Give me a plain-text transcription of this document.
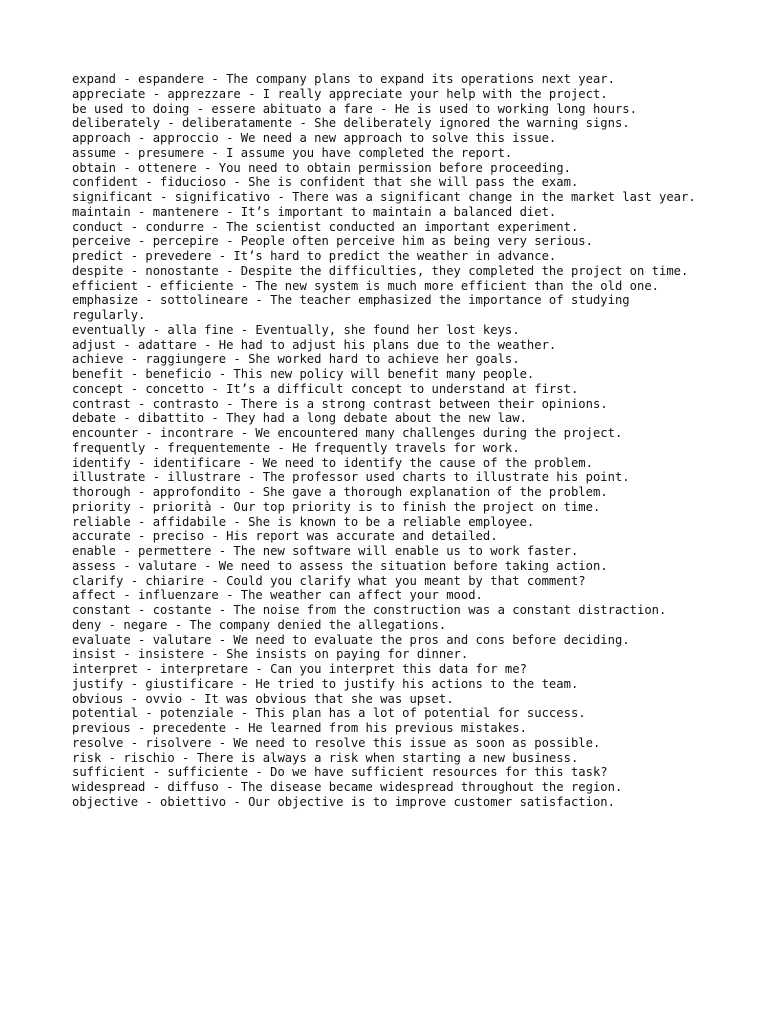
expand - espandere - The company plans to expand its operations next year.
appreciate - apprezzare - I really appreciate your help with the project.
be used to doing - essere abituato a fare - He is used to working long hours.
deliberately - deliberatamente - She deliberately ignored the warning signs.
approach - approccio - We need a new approach to solve this issue.
assume - presumere - I assume you have completed the report.
obtain - ottenere - You need to obtain permission before proceeding.
confident - fiducioso - She is confident that she will pass the exam.
significant - significativo - There was a significant change in the market last year.
maintain - mantenere - It’s important to maintain a balanced diet.
conduct - condurre - The scientist conducted an important experiment.
perceive - percepire - People often perceive him as being very serious.
predict - prevedere - It’s hard to predict the weather in advance.
despite - nonostante - Despite the difficulties, they completed the project on time.
efficient - efficiente - The new system is much more efficient than the old one.
emphasize - sottolineare - The teacher emphasized the importance of studying regularly.
eventually - alla fine - Eventually, she found her lost keys.
adjust - adattare - He had to adjust his plans due to the weather.
achieve - raggiungere - She worked hard to achieve her goals.
benefit - beneficio - This new policy will benefit many people.
concept - concetto - It’s a difficult concept to understand at first.
contrast - contrasto - There is a strong contrast between their opinions.
debate - dibattito - They had a long debate about the new law.
encounter - incontrare - We encountered many challenges during the project.
frequently - frequentemente - He frequently travels for work.
identify - identificare - We need to identify the cause of the problem.
illustrate - illustrare - The professor used charts to illustrate his point.
thorough - approfondito - She gave a thorough explanation of the problem.
priority - priorità - Our top priority is to finish the project on time.
reliable - affidabile - She is known to be a reliable employee.
accurate - preciso - His report was accurate and detailed.
enable - permettere - The new software will enable us to work faster.
assess - valutare - We need to assess the situation before taking action.
clarify - chiarire - Could you clarify what you meant by that comment?
affect - influenzare - The weather can affect your mood.
constant - costante - The noise from the construction was a constant distraction.
deny - negare - The company denied the allegations.
evaluate - valutare - We need to evaluate the pros and cons before deciding.
insist - insistere - She insists on paying for dinner.
interpret - interpretare - Can you interpret this data for me?
justify - giustificare - He tried to justify his actions to the team.
obvious - ovvio - It was obvious that she was upset.
potential - potenziale - This plan has a lot of potential for success.
previous - precedente - He learned from his previous mistakes.
resolve - risolvere - We need to resolve this issue as soon as possible.
risk - rischio - There is always a risk when starting a new business.
sufficient - sufficiente - Do we have sufficient resources for this task?
widespread - diffuso - The disease became widespread throughout the region.
objective - obiettivo - Our objective is to improve customer satisfaction.
